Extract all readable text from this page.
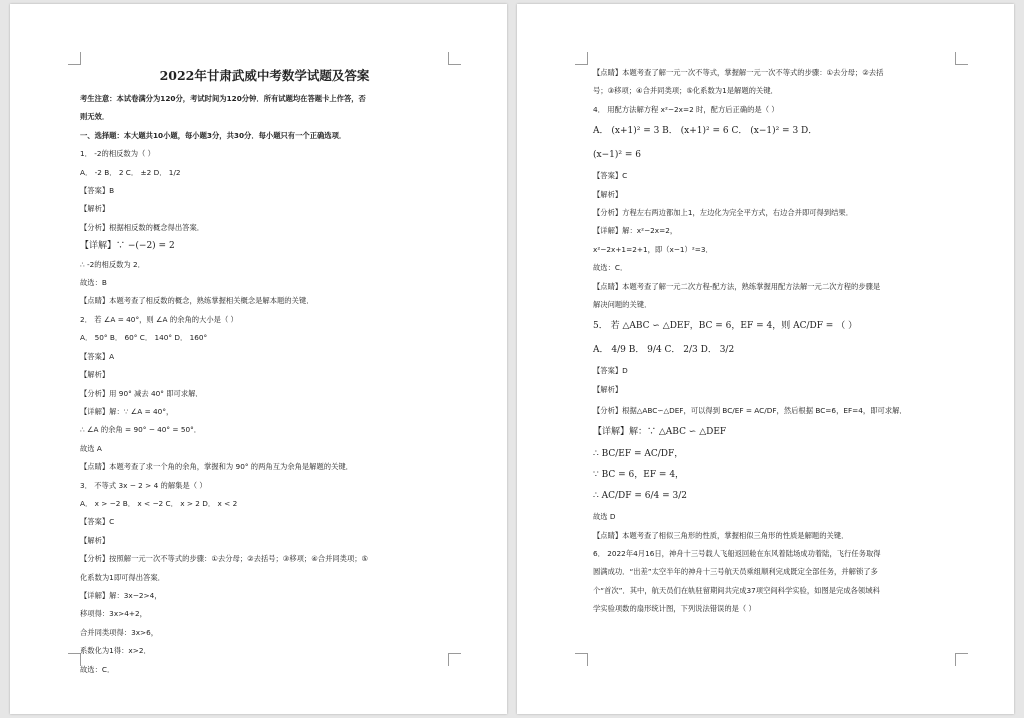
2022年甘肃武威中考数学试题及答案
考生注意：本试卷满分为120分，考试时间为120分钟．所有试题均在答题卡上作答，否
则无效．
一、选择题：本大题共10小题，每小题3分，共30分．每小题只有一个正确选项．
1． -2的相反数为（ ）
A． -2 B． 2 C． ±2 D． 1/2
【答案】B
【解析】
【分析】根据相反数的概念得出答案．
【详解】∵ −(−2) = 2
∴ -2的相反数为 2．
故选：B
【点睛】本题考查了相反数的概念，熟练掌握相关概念是解本题的关键．
2． 若 ∠A = 40°，则 ∠A 的余角的大小是（ ）
A． 50° B． 60° C． 140° D． 160°
【答案】A
【解析】
【分析】用 90° 减去 40° 即可求解．
【详解】解：∵ ∠A = 40°，
∴ ∠A 的余角 = 90° − 40° = 50°．
故选 A
【点睛】本题考查了求一个角的余角，掌握和为 90° 的两角互为余角是解题的关键．
3． 不等式 3x − 2 > 4 的解集是（ ）
A． x > −2 B． x < −2 C． x > 2 D． x < 2
【答案】C
【解析】
【分析】按照解一元一次不等式的步骤：①去分母；②去括号；③移项；④合并同类项；⑤
化系数为1即可得出答案．
【详解】解：3x−2>4，
移项得：3x>4+2，
合并同类项得：3x>6，
系数化为1得：x>2．
故选：C．
【点睛】本题考查了解一元一次不等式，掌握解一元一次不等式的步骤：①去分母；②去括
号；③移项；④合并同类项；⑤化系数为1是解题的关键．
4． 用配方法解方程 x²−2x=2 时，配方后正确的是（ ）
A． (x+1)² = 3 B． (x+1)² = 6 C． (x−1)² = 3 D．
(x−1)² = 6
【答案】C
【解析】
【分析】方程左右两边都加上1，左边化为完全平方式，右边合并即可得到结果．
【详解】解：x²−2x=2，
x²−2x+1=2+1，即（x−1）²=3．
故选：C．
【点睛】本题考查了解一元二次方程-配方法，熟练掌握用配方法解一元二次方程的步骤是
解决问题的关键．
5． 若 △ABC ∽ △DEF，BC = 6，EF = 4，则 AC/DF = （ ）
A． 4/9 B． 9/4 C． 2/3 D． 3/2
【答案】D
【解析】
【分析】根据△ABC∽△DEF，可以得到 BC/EF = AC/DF，然后根据 BC=6，EF=4，即可求解．
【详解】解：∵ △ABC ∽ △DEF
∴ BC/EF = AC/DF，
∵ BC = 6，EF = 4，
∴ AC/DF = 6/4 = 3/2
故选 D
【点睛】本题考查了相似三角形的性质，掌握相似三角形的性质是解题的关键．
6． 2022年4月16日，神舟十三号载人飞船返回舱在东风着陆场成功着陆，飞行任务取得
圆满成功．“出差”太空半年的神舟十三号航天员乘组顺利完成既定全部任务，并解锁了多
个“首次”．其中，航天员们在轨驻留期间共完成37项空间科学实验，如图是完成各领域科
学实验项数的扇形统计图，下列说法错误的是（ ）
